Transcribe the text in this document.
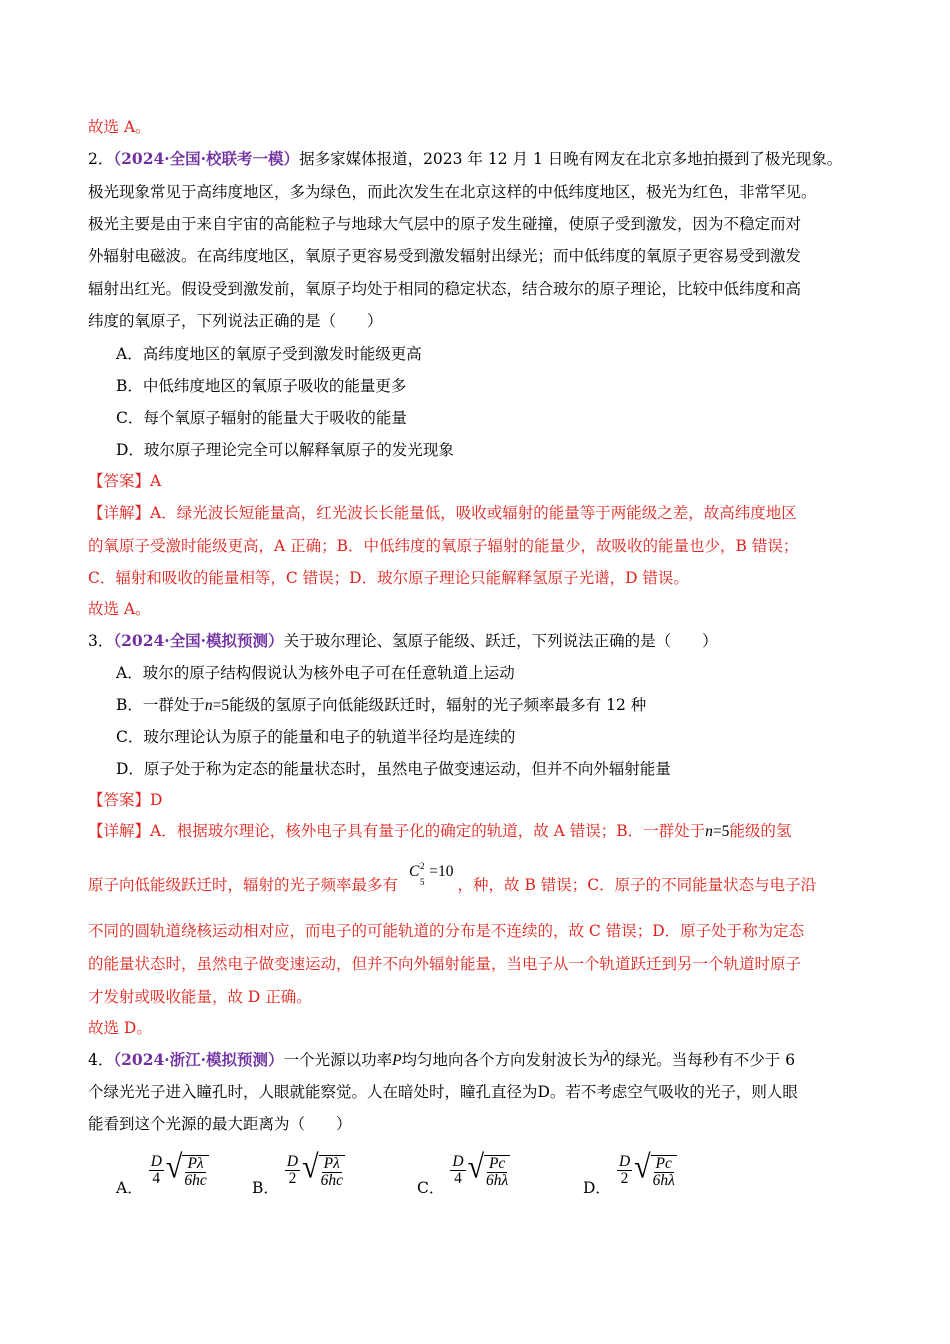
故选 A。
2．（2024·全国·校联考一模）据多家媒体报道，2023 年 12 月 1 日晚有网友在北京多地拍摄到了极光现象。
极光现象常见于高纬度地区，多为绿色，而此次发生在北京这样的中低纬度地区，极光为红色，非常罕见。
极光主要是由于来自宇宙的高能粒子与地球大气层中的原子发生碰撞，使原子受到激发，因为不稳定而对
外辐射电磁波。在高纬度地区，氧原子更容易受到激发辐射出绿光；而中低纬度的氧原子更容易受到激发
辐射出红光。假设受到激发前，氧原子均处于相同的稳定状态，结合玻尔的原子理论，比较中低纬度和高
纬度的氧原子，下列说法正确的是（　　）
A．高纬度地区的氧原子受到激发时能级更高
B．中低纬度地区的氧原子吸收的能量更多
C．每个氧原子辐射的能量大于吸收的能量
D．玻尔原子理论完全可以解释氧原子的发光现象
【答案】A
【详解】A．绿光波长短能量高，红光波长长能量低，吸收或辐射的能量等于两能级之差，故高纬度地区
的氧原子受激时能级更高，A 正确；B．中低纬度的氧原子辐射的能量少，故吸收的能量也少，B 错误；
C．辐射和吸收的能量相等，C 错误；D．玻尔原子理论只能解释氢原子光谱，D 错误。
故选 A。
3．（2024·全国·模拟预测）关于玻尔理论、氢原子能级、跃迁，下列说法正确的是（　　）
A．玻尔的原子结构假说认为核外电子可在任意轨道上运动
B．一群处于n=5能级的氢原子向低能级跃迁时，辐射的光子频率最多有 12 种
C．玻尔理论认为原子的能量和电子的轨道半径均是连续的
D．原子处于称为定态的能量状态时，虽然电子做变速运动，但并不向外辐射能量
【答案】D
【详解】A．根据玻尔理论，核外电子具有量子化的确定的轨道，故 A 错误；B．一群处于n=5能级的氢
原子向低能级跃迁时，辐射的光子频率最多有 C 2
5
=10，种，故 B 错误；C．原子的不同能量状态与电子沿
不同的圆轨道绕核运动相对应，而电子的可能轨道的分布是不连续的，故 C 错误；D．原子处于称为定态
的能量状态时，虽然电子做变速运动，但并不向外辐射能量，当电子从一个轨道跃迁到另一个轨道时原子
才发射或吸收能量，故 D 正确。
故选 D。
4．（2024·浙江·模拟预测）一个光源以功率P均匀地向各个方向发射波长为λ的绿光。当每秒有不少于 6
个绿光光子进入瞳孔时，人眼就能察觉。人在暗处时，瞳孔直径为D。若不考虑空气吸收的光子，则人眼
能看到这个光源的最大距离为（　　）
A．
$\frac{D}{4}$ √ $\frac{P\lambda}{6hc}$	B．
$\frac{D}{2}$ √ $\frac{P\lambda}{6hc}$	C．
$\frac{D}{4}$ √ $\frac{Pc}{6h\lambda}$	D．
$\frac{D}{2}$ √ $\frac{Pc}{6h\lambda}$
